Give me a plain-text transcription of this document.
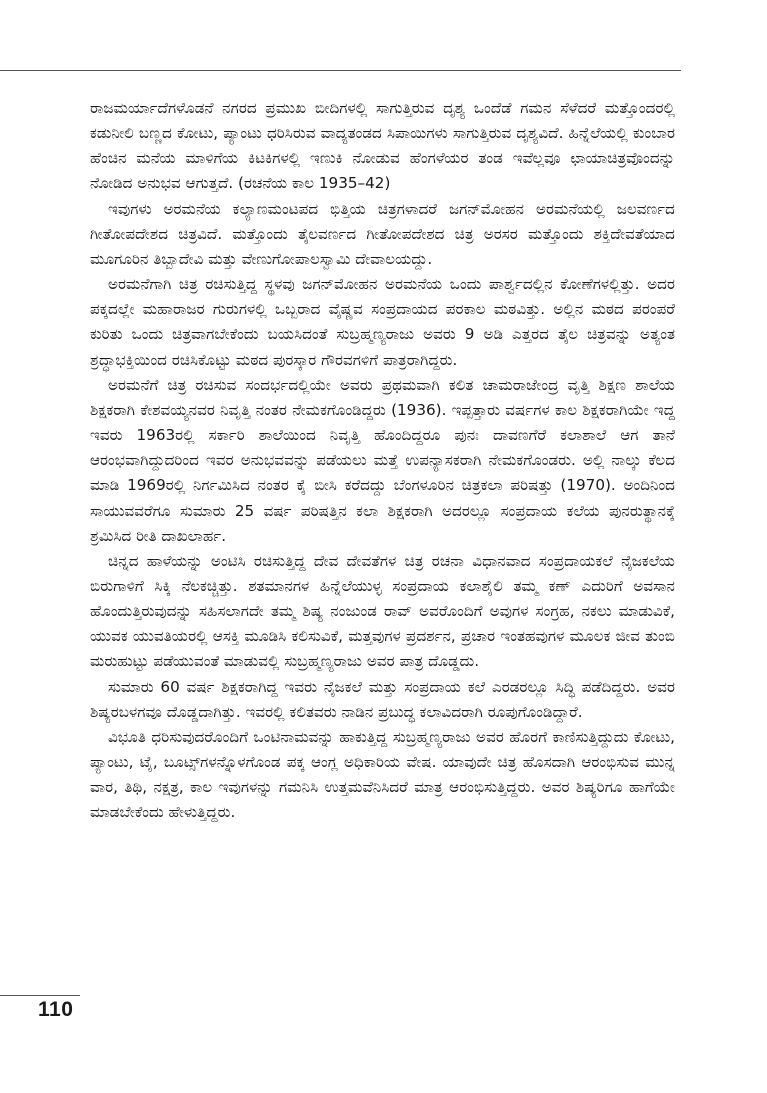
ರಾಜಮರ್ಯಾದೆಗಳೊಡನೆ ನಗರದ ಪ್ರಮುಖ ಬೀದಿಗಳಲ್ಲಿ ಸಾಗುತ್ತಿರುವ ದೃಶ್ಯ ಒಂದೆಡೆ ಗಮನ ಸೆಳೆದರೆ ಮತ್ತೊಂದರಲ್ಲಿ ಕಡುನೀಲಿ ಬಣ್ಣದ ಕೋಟು, ಪ್ಯಾಂಟು ಧರಿಸಿರುವ ವಾದ್ಯತಂಡದ ಸಿಪಾಯಿಗಳು ಸಾಗುತ್ತಿರುವ ದೃಶ್ಯವಿದೆ. ಹಿನ್ನೆಲೆಯಲ್ಲಿ ಕುಂಬಾರ ಹೆಂಚಿನ ಮನೆಯ ಮಾಳಿಗೆಯ ಕಿಟಕಿಗಳಲ್ಲಿ ಇಣುಕಿ ನೋಡುವ ಹೆಂಗಳೆಯರ ತಂಡ ಇವೆಲ್ಲವೂ ಛಾಯಾಚಿತ್ರವೊಂದನ್ನು ನೋಡಿದ ಅನುಭವ ಆಗುತ್ತದೆ. (ರಚನೆಯ ಕಾಲ 1935–42)

ಇವುಗಳು ಅರಮನೆಯ ಕಲ್ಯಾಣಮಂಟಪದ ಭಿತ್ತಿಯ ಚಿತ್ರಗಳಾದರೆ ಜಗನ್‌ಮೋಹನ ಅರಮನೆಯಲ್ಲಿ ಜಲವರ್ಣದ ಗೀತೋಪದೇಶದ ಚಿತ್ರವಿದೆ. ಮತ್ತೊಂದು ತೈಲವರ್ಣದ ಗೀತೋಪದೇಶದ ಚಿತ್ರ ಅರಸರ ಮತ್ತೊಂದು ಶಕ್ತಿದೇವತೆಯಾದ ಮೂಗೂರಿನ ತಿಬ್ಬಾದೇವಿ ಮತ್ತು ವೇಣುಗೋಪಾಲಸ್ವಾಮಿ ದೇವಾಲಯದ್ದು.

ಅರಮನೆಗಾಗಿ ಚಿತ್ರ ರಚಿಸುತ್ತಿದ್ದ ಸ್ಥಳವು ಜಗನ್‌ಮೋಹನ ಅರಮನೆಯ ಒಂದು ಪಾರ್ಶ್ವದಲ್ಲಿನ ಕೋಣೆಗಳಲ್ಲಿತ್ತು. ಅದರ ಪಕ್ಕದಲ್ಲೇ ಮಹಾರಾಜರ ಗುರುಗಳಲ್ಲಿ ಒಬ್ಬರಾದ ವೈಷ್ಣವ ಸಂಪ್ರದಾಯದ ಪರಕಾಲ ಮಠವಿತ್ತು. ಅಲ್ಲಿನ ಮಠದ ಪರಂಪರೆ ಕುರಿತು ಒಂದು ಚಿತ್ರವಾಗಬೇಕೆಂದು ಬಯಸಿದಂತೆ ಸುಬ್ರಹ್ಮಣ್ಯರಾಜು ಅವರು 9 ಅಡಿ ಎತ್ತರದ ತೈಲ ಚಿತ್ರವನ್ನು ಅತ್ಯಂತ ಶ್ರದ್ಧಾಭಕ್ತಿಯಿಂದ ರಚಿಸಿಕೊಟ್ಟು ಮಠದ ಪುರಸ್ಕಾರ ಗೌರವಗಳಿಗೆ ಪಾತ್ರರಾಗಿದ್ದರು.

ಅರಮನೆಗೆ ಚಿತ್ರ ರಚಿಸುವ ಸಂದರ್ಭದಲ್ಲಿಯೇ ಅವರು ಪ್ರಥಮವಾಗಿ ಕಲಿತ ಚಾಮರಾಜೇಂದ್ರ ವೃತ್ತಿ ಶಿಕ್ಷಣ ಶಾಲೆಯ ಶಿಕ್ಷಕರಾಗಿ ಕೇಶವಯ್ಯನವರ ನಿವೃತ್ತಿ ನಂತರ ನೇಮಕಗೊಂಡಿದ್ದರು (1936). ಇಪ್ಪತ್ತಾರು ವರ್ಷಗಳ ಕಾಲ ಶಿಕ್ಷಕರಾಗಿಯೇ ಇದ್ದ ಇವರು 1963ರಲ್ಲಿ ಸರ್ಕಾರಿ ಶಾಲೆಯಿಂದ ನಿವೃತ್ತಿ ಹೊಂದಿದ್ದರೂ ಪುನಃ ದಾವಣಗೆರೆ ಕಲಾಶಾಲೆ ಆಗ ತಾನೆ ಆರಂಭವಾಗಿದ್ದುದರಿಂದ ಇವರ ಅನುಭವವನ್ನು ಪಡೆಯಲು ಮತ್ತೆ ಉಪನ್ಯಾಸಕರಾಗಿ ನೇಮಕಗೊಂಡರು. ಅಲ್ಲಿ ನಾಲ್ಕು ಕೆಲದ ಮಾಡಿ 1969ರಲ್ಲಿ ನಿರ್ಗಮಿಸಿದ ನಂತರ ಕೈ ಬೀಸಿ ಕರೆದದ್ದು ಬೆಂಗಳೂರಿನ ಚಿತ್ರಕಲಾ ಪರಿಷತ್ತು (1970). ಅಂದಿನಿಂದ ಸಾಯುವವರೆಗೂ ಸುಮಾರು 25 ವರ್ಷ ಪರಿಷತ್ತಿನ ಕಲಾ ಶಿಕ್ಷಕರಾಗಿ ಅದರಲ್ಲೂ ಸಂಪ್ರದಾಯ ಕಲೆಯ ಪುನರುತ್ಥಾನಕ್ಕೆ ಶ್ರಮಿಸಿದ ರೀತಿ ದಾಖಲಾರ್ಹ.

ಚಿನ್ನದ ಹಾಳೆಯನ್ನು ಅಂಟಿಸಿ ರಚಿಸುತ್ತಿದ್ದ ದೇವ ದೇವತೆಗಳ ಚಿತ್ರ ರಚನಾ ವಿಧಾನವಾದ ಸಂಪ್ರದಾಯಕಲೆ ನೈಜಕಲೆಯ ಬಿರುಗಾಳಿಗೆ ಸಿಕ್ಕಿ ನೆಲಕಚ್ಚಿತ್ತು. ಶತಮಾನಗಳ ಹಿನ್ನೆಲೆಯುಳ್ಳ ಸಂಪ್ರದಾಯ ಕಲಾಶೈಲಿ ತಮ್ಮ ಕಣ್ ಎದುರಿಗೆ ಅವಸಾನ ಹೊಂದುತ್ತಿರುವುದನ್ನು ಸಹಿಸಲಾಗದೇ ತಮ್ಮ ಶಿಷ್ಯ ನಂಜುಂಡ ರಾವ್ ಅವರೊಂದಿಗೆ ಅವುಗಳ ಸಂಗ್ರಹ, ನಕಲು ಮಾಡುವಿಕೆ, ಯುವಕ ಯುವತಿಯರಲ್ಲಿ ಆಸಕ್ತಿ ಮೂಡಿಸಿ ಕಲಿಸುವಿಕೆ, ಮತ್ತವುಗಳ ಪ್ರದರ್ಶನ, ಪ್ರಚಾರ ಇಂತಹವುಗಳ ಮೂಲಕ ಜೀವ ತುಂಬಿ ಮರುಹುಟ್ಟು ಪಡೆಯುವಂತೆ ಮಾಡುವಲ್ಲಿ ಸುಬ್ರಹ್ಮಣ್ಯರಾಜು ಅವರ ಪಾತ್ರ ದೊಡ್ಡದು.

ಸುಮಾರು 60 ವರ್ಷ ಶಿಕ್ಷಕರಾಗಿದ್ದ ಇವರು ನೈಜಕಲೆ ಮತ್ತು ಸಂಪ್ರದಾಯ ಕಲೆ ಎರಡರಲ್ಲೂ ಸಿದ್ಧಿ ಪಡೆದಿದ್ದರು. ಅವರ ಶಿಷ್ಯರಬಳಗವೂ ದೊಡ್ಡದಾಗಿತ್ತು. ಇವರಲ್ಲಿ ಕಲಿತವರು ನಾಡಿನ ಪ್ರಬುದ್ಧ ಕಲಾವಿದರಾಗಿ ರೂಪುಗೊಂಡಿದ್ದಾರೆ.

ವಿಭೂತಿ ಧರಿಸುವುದರೊಂದಿಗೆ ಒಂಟಿನಾಮವನ್ನು ಹಾಕುತ್ತಿದ್ದ ಸುಬ್ರಹ್ಮಣ್ಯರಾಜು ಅವರ ಹೊರಗೆ ಕಾಣಿಸುತ್ತಿದ್ದುದು ಕೋಟು, ಪ್ಯಾಂಟು, ಟೈ, ಬೂಟ್ಸ್‌ಗಳನ್ನೊಳಗೊಂಡ ಪಕ್ಕ ಆಂಗ್ಲ ಅಧಿಕಾರಿಯ ವೇಷ. ಯಾವುದೇ ಚಿತ್ರ ಹೊಸದಾಗಿ ಆರಂಭಿಸುವ ಮುನ್ನ ವಾರ, ತಿಥಿ, ನಕ್ಷತ್ರ, ಕಾಲ ಇವುಗಳನ್ನು ಗಮನಿಸಿ ಉತ್ತಮವೆನಿಸಿದರೆ ಮಾತ್ರ ಆರಂಭಿಸುತ್ತಿದ್ದರು. ಅವರ ಶಿಷ್ಯರಿಗೂ ಹಾಗೆಯೇ ಮಾಡಬೇಕೆಂದು ಹೇಳುತ್ತಿದ್ದರು.

110
